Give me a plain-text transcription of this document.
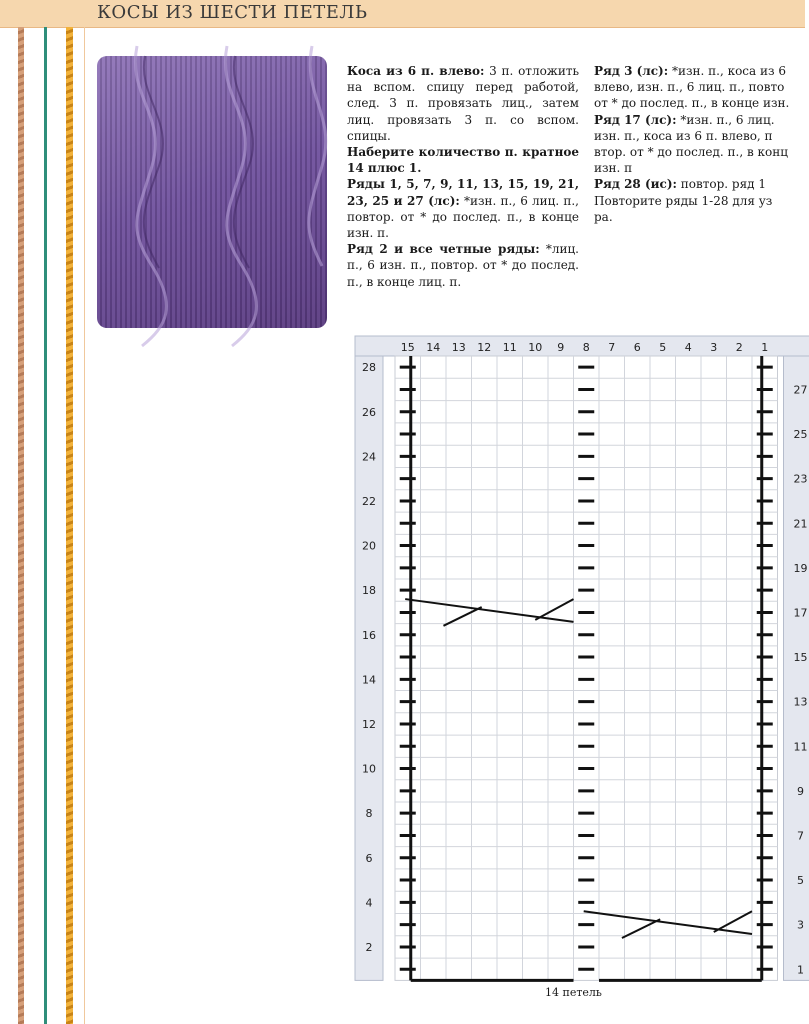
КОСЫ ИЗ ШЕСТИ ПЕТЕЛЬ

Коса из 6 п. влево: 3 п. отложить на вспом. спицу перед работой, след. 3 п. провязать лиц., затем лиц. провязать 3 п. со вспом. спицы.

Наберите количество п. кратное 14 плюс 1.

Ряды 1, 5, 7, 9, 11, 13, 15, 19, 21, 23, 25 и 27 (лс): *изн. п., 6 лиц. п., повтор. от * до послед. п., в конце изн. п.

Ряд 2 и все четные ряды: *лиц. п., 6 изн. п., повтор. от * до послед. п., в конце лиц. п.

Ряд 3 (лс): *изн. п., коса из 6
влево, изн. п., 6 лиц. п., повто
от * до послед. п., в конце изн.
Ряд 17 (лс): *изн. п., 6 лиц.
изн. п., коса из 6 п. влево, п
втор. от * до послед. п., в конц
изн. п
Ряд 28 (ис): повтор. ряд 1
Повторите ряды 1-28 для уз
ра.
15 14 13 12 11 10 9 8 7 6 5 4 3 2 1
28
26
24
22
20
18
16
14
12
10
8
6
4
2
27
25
23
21
19
17
15
13
11
9
7
5
3
1
14 петель
